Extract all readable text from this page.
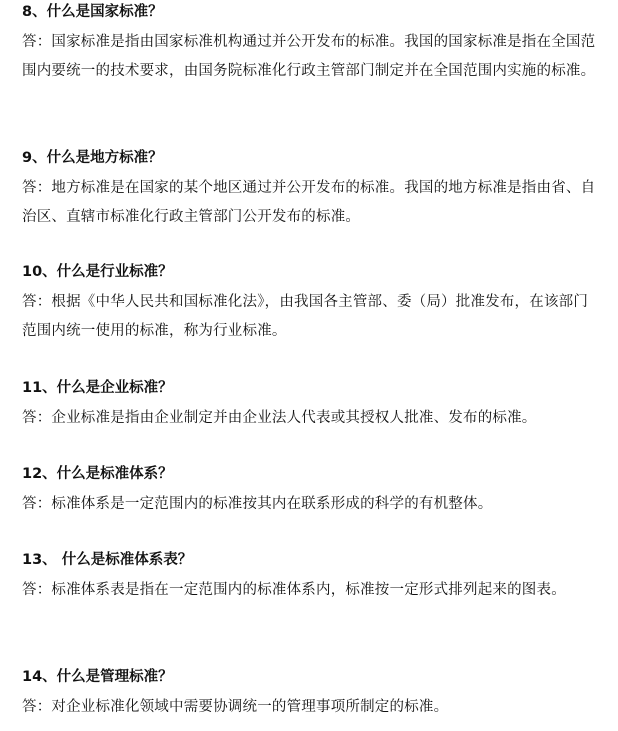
8、什么是国家标准？

答：国家标准是指由国家标准机构通过并公开发布的标准。我国的国家标准是指在全国范围内要统一的技术要求，由国务院标准化行政主管部门制定并在全国范围内实施的标准。

9、什么是地方标准？

答：地方标准是在国家的某个地区通过并公开发布的标准。我国的地方标准是指由省、自治区、直辖市标准化行政主管部门公开发布的标准。

10、什么是行业标准？

答：根据《中华人民共和国标准化法》，由我国各主管部、委（局）批准发布，在该部门范围内统一使用的标准，称为行业标准。

11、什么是企业标准？

答：企业标准是指由企业制定并由企业法人代表或其授权人批准、发布的标准。

12、什么是标准体系？

答：标准体系是一定范围内的标准按其内在联系形成的科学的有机整体。

13、 什么是标准体系表？

答：标准体系表是指在一定范围内的标准体系内，标准按一定形式排列起来的图表。

14、什么是管理标准？

答：对企业标准化领域中需要协调统一的管理事项所制定的标准。
